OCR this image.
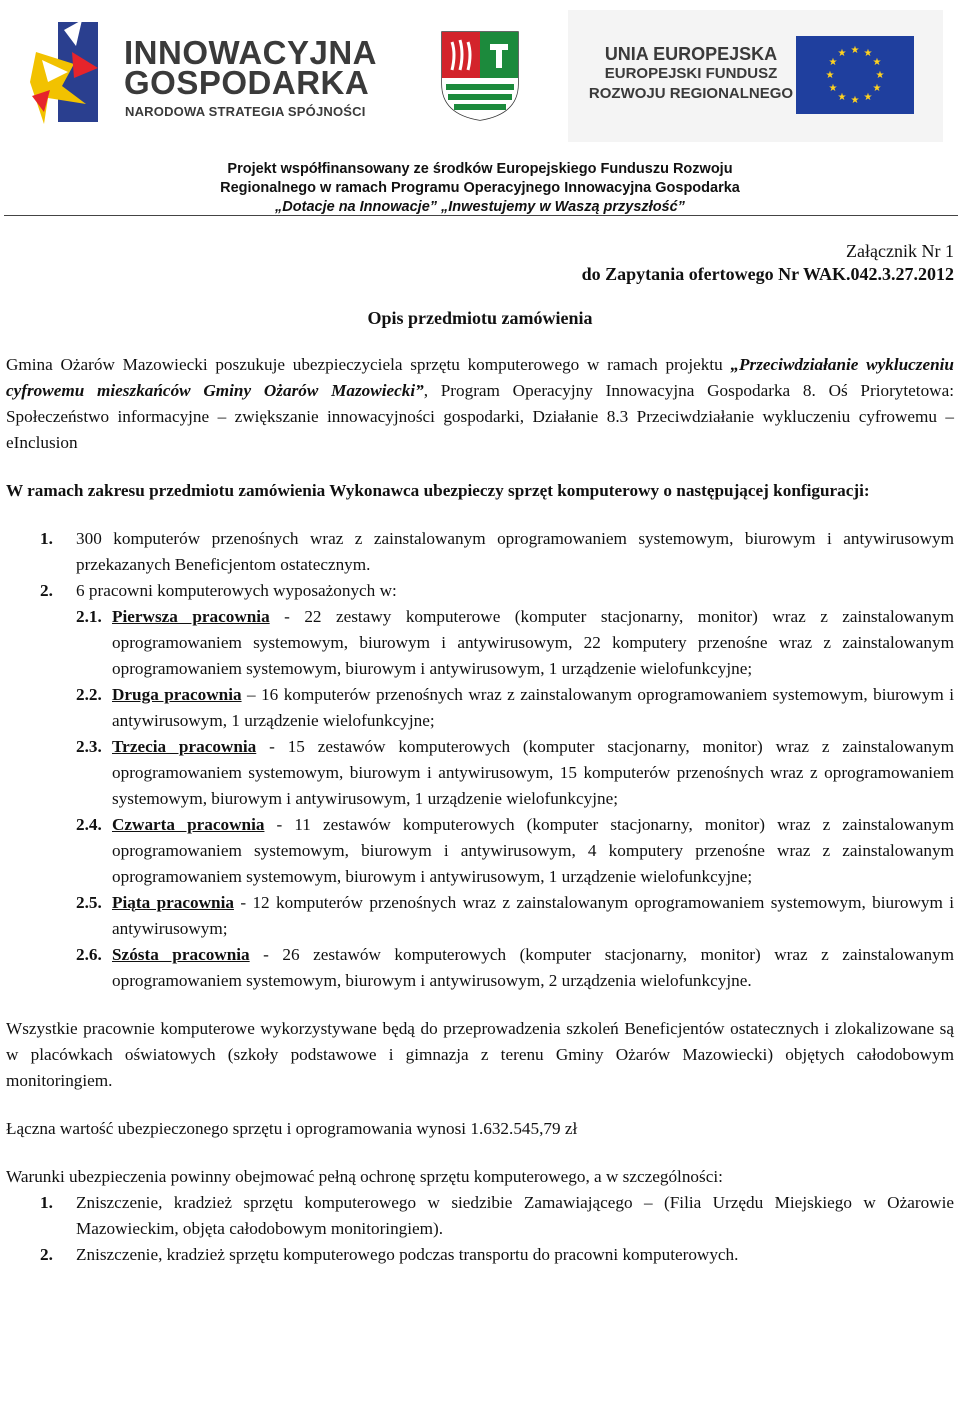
INNOWACYJNA GOSPODARKA
NARODOWA STRATEGIA SPÓJNOŚCI
UNIA EUROPEJSKA
EUROPEJSKI FUNDUSZ
ROZWOJU REGIONALNEGO
★ ★
★
★
★
★
★
★
★
★
★
★
Projekt współfinansowany ze środków Europejskiego Funduszu Rozwoju
Regionalnego w ramach Programu Operacyjnego Innowacyjna Gospodarka
„Dotacje na Innowacje” „Inwestujemy w Waszą przyszłość”
Załącznik Nr 1
do Zapytania ofertowego Nr WAK.042.3.27.2012
Opis przedmiotu zamówienia

Gmina Ożarów Mazowiecki poszukuje ubezpieczyciela sprzętu komputerowego w ramach projektu „Przeciwdziałanie wykluczeniu cyfrowemu mieszkańców Gminy Ożarów Mazowiecki”, Program Operacyjny Innowacyjna Gospodarka 8. Oś Priorytetowa: Społeczeństwo informacyjne – zwiększanie innowacyjności gospodarki, Działanie 8.3 Przeciwdziałanie wykluczeniu cyfrowemu – eInclusion

W ramach zakresu przedmiotu zamówienia Wykonawca ubezpieczy sprzęt komputerowy o następującej konfiguracji:

1. 300 komputerów przenośnych wraz z zainstalowanym oprogramowaniem systemowym, biurowym i antywirusowym przekazanych Beneficjentom ostatecznym.
2. 6 pracowni komputerowych wyposażonych w:
2.1. Pierwsza pracownia - 22 zestawy komputerowe (komputer stacjonarny, monitor) wraz z zainstalowanym oprogramowaniem systemowym, biurowym i antywirusowym, 22 komputery przenośne wraz z zainstalowanym oprogramowaniem systemowym, biurowym i antywirusowym, 1 urządzenie wielofunkcyjne;
2.2. Druga pracownia – 16 komputerów przenośnych wraz z zainstalowanym oprogramowaniem systemowym, biurowym i antywirusowym, 1 urządzenie wielofunkcyjne;
2.3. Trzecia pracownia - 15 zestawów komputerowych (komputer stacjonarny, monitor) wraz z zainstalowanym oprogramowaniem systemowym, biurowym i antywirusowym, 15 komputerów przenośnych wraz z oprogramowaniem systemowym, biurowym i antywirusowym, 1 urządzenie wielofunkcyjne;
2.4. Czwarta pracownia - 11 zestawów komputerowych (komputer stacjonarny, monitor) wraz z zainstalowanym oprogramowaniem systemowym, biurowym i antywirusowym, 4 komputery przenośne wraz z zainstalowanym oprogramowaniem systemowym, biurowym i antywirusowym, 1 urządzenie wielofunkcyjne;
2.5. Piąta pracownia - 12 komputerów przenośnych wraz z zainstalowanym oprogramowaniem systemowym, biurowym i antywirusowym;
2.6. Szósta pracownia - 26 zestawów komputerowych (komputer stacjonarny, monitor) wraz z zainstalowanym oprogramowaniem systemowym, biurowym i antywirusowym, 2 urządzenia wielofunkcyjne.

Wszystkie pracownie komputerowe wykorzystywane będą do przeprowadzenia szkoleń Beneficjentów ostatecznych i zlokalizowane są w placówkach oświatowych (szkoły podstawowe i gimnazja z terenu Gminy Ożarów Mazowiecki) objętych całodobowym monitoringiem.

Łączna wartość ubezpieczonego sprzętu i oprogramowania wynosi 1.632.545,79 zł

Warunki ubezpieczenia powinny obejmować pełną ochronę sprzętu komputerowego, a w szczególności:

1. Zniszczenie, kradzież sprzętu komputerowego w siedzibie Zamawiającego – (Filia Urzędu Miejskiego w Ożarowie Mazowieckim, objęta całodobowym monitoringiem).
2. Zniszczenie, kradzież sprzętu komputerowego podczas transportu do pracowni komputerowych.
